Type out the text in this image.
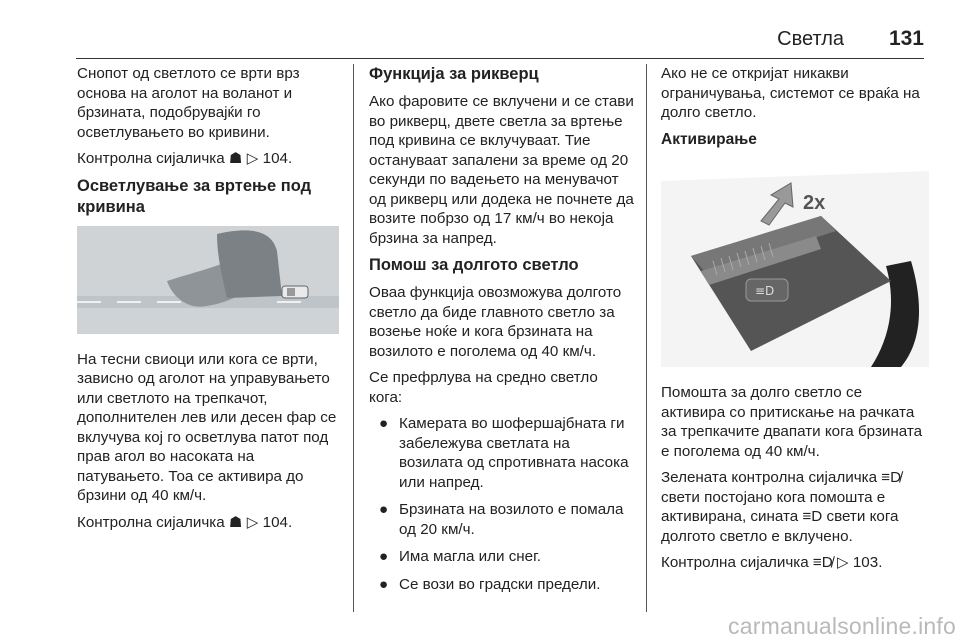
Светла 131

Снопот од светлото се врти врз основа на аголот на воланот и брзината, подобрувајќи го осветлувањето во кривини.

Контролна сијаличка ☗ ▷ 104.

Осветлување за вртење под кривина

На тесни свиоци или кога се врти, зависно од аголот на управувањето или светлото на трепкачот, дополнителен лев или десен фар се вклучува кој го осветлува патот под прав агол во насоката на патувањето. Тоа се активира до брзини од 40 км/ч.

Контролна сијаличка ☗ ▷ 104.

Функција за рикверц

Ако фаровите се вклучени и се стави во рикверц, двете светла за вртење под кривина се вклучуваат. Тие остануваат запалени за време од 20 секунди по вадењето на менувачот од рикверц или додека не почнете да возите побрзо од 17 км/ч во некоја брзина за напред.

Помош за долгото светло

Оваа функција овозможува долгото светло да биде главното светло за возење ноќе и кога брзината на возилото е поголема од 40 км/ч.

Се префрлува на средно светло кога:

● Камерата во шофершајбната ги забележува светлата на возилата од спротивната насока или напред.
● Брзината на возилото е помала од 20 км/ч.
● Има магла или снег.
● Се вози во градски предели.

Ако не се откријат никакви ограничувања, системот се враќа на долго светло.

Активирање
≡D
2x

Помошта за долго светло се активира со притискање на рачката за трепкачите двапати кога брзината е поголема од 40 км/ч.

Зелената контролна сијаличка ≡D̸ свети постојано кога помошта е активирана, сината ≡D свети кога долгото светло е вклучено.

Контролна сијаличка ≡D̸ ▷ 103.

carmanualsonline.info
